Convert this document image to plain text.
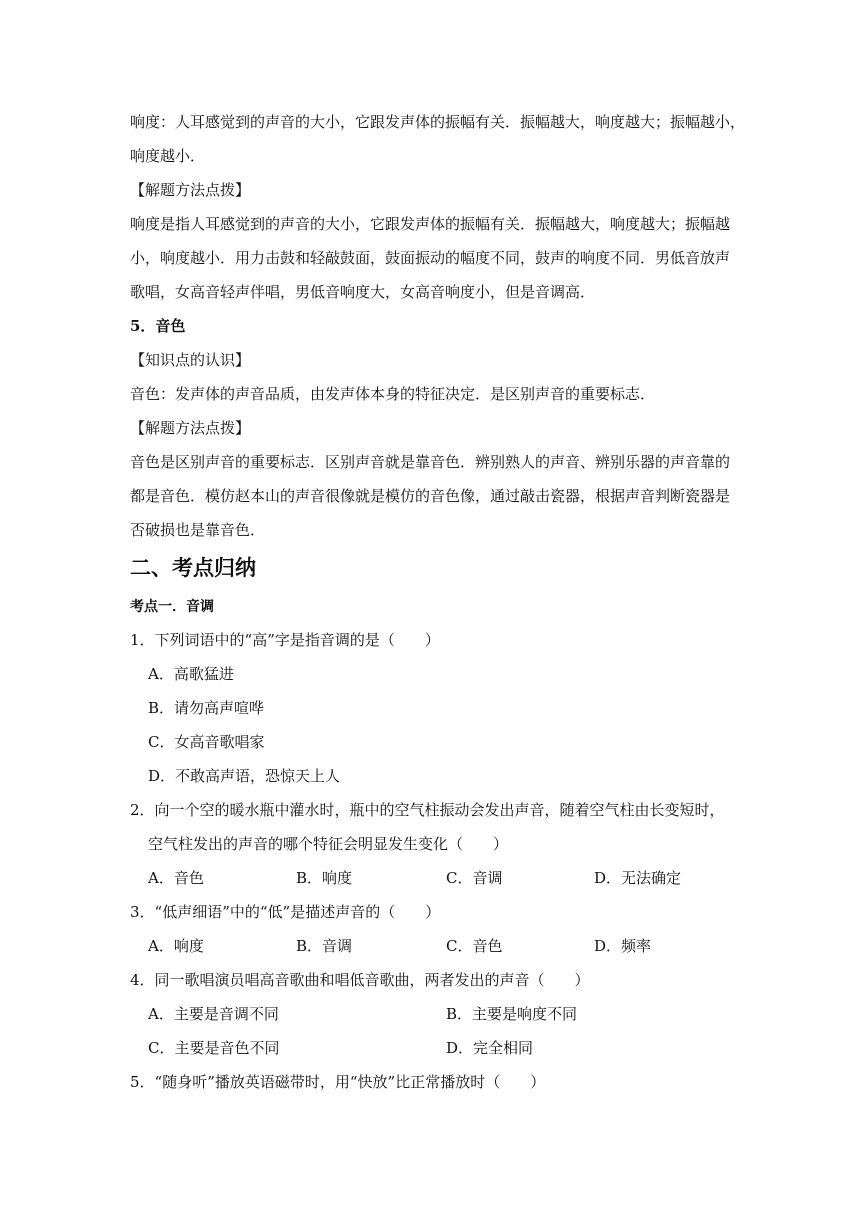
响度：人耳感觉到的声音的大小，它跟发声体的振幅有关．振幅越大，响度越大；振幅越小，
响度越小．
【解题方法点拨】
响度是指人耳感觉到的声音的大小，它跟发声体的振幅有关．振幅越大，响度越大；振幅越
小，响度越小．用力击鼓和轻敲鼓面，鼓面振动的幅度不同，鼓声的响度不同．男低音放声
歌唱，女高音轻声伴唱，男低音响度大，女高音响度小，但是音调高．
5．音色
【知识点的认识】
音色：发声体的声音品质，由发声体本身的特征决定．是区别声音的重要标志．
【解题方法点拨】
音色是区别声音的重要标志．区别声音就是靠音色．辨别熟人的声音、辨别乐器的声音靠的
都是音色．模仿赵本山的声音很像就是模仿的音色像，通过敲击瓷器，根据声音判断瓷器是
否破损也是靠音色．
二、考点归纳
考点一．音调
1．下列词语中的“高”字是指音调的是（　　）
A．高歌猛进
B．请勿高声喧哗
C．女高音歌唱家
D．不敢高声语，恐惊天上人
2．向一个空的暖水瓶中灌水时，瓶中的空气柱振动会发出声音，随着空气柱由长变短时，
空气柱发出的声音的哪个特征会明显发生变化（　　）
A．音色	B．响度	C．音调	D．无法确定
3．“低声细语”中的“低”是描述声音的（　　）
A．响度	B．音调	C．音色	D．频率
4．同一歌唱演员唱高音歌曲和唱低音歌曲，两者发出的声音（　　）
A．主要是音调不同	B．主要是响度不同
C．主要是音色不同	D．完全相同
5．“随身听”播放英语磁带时，用“快放”比正常播放时（　　）
